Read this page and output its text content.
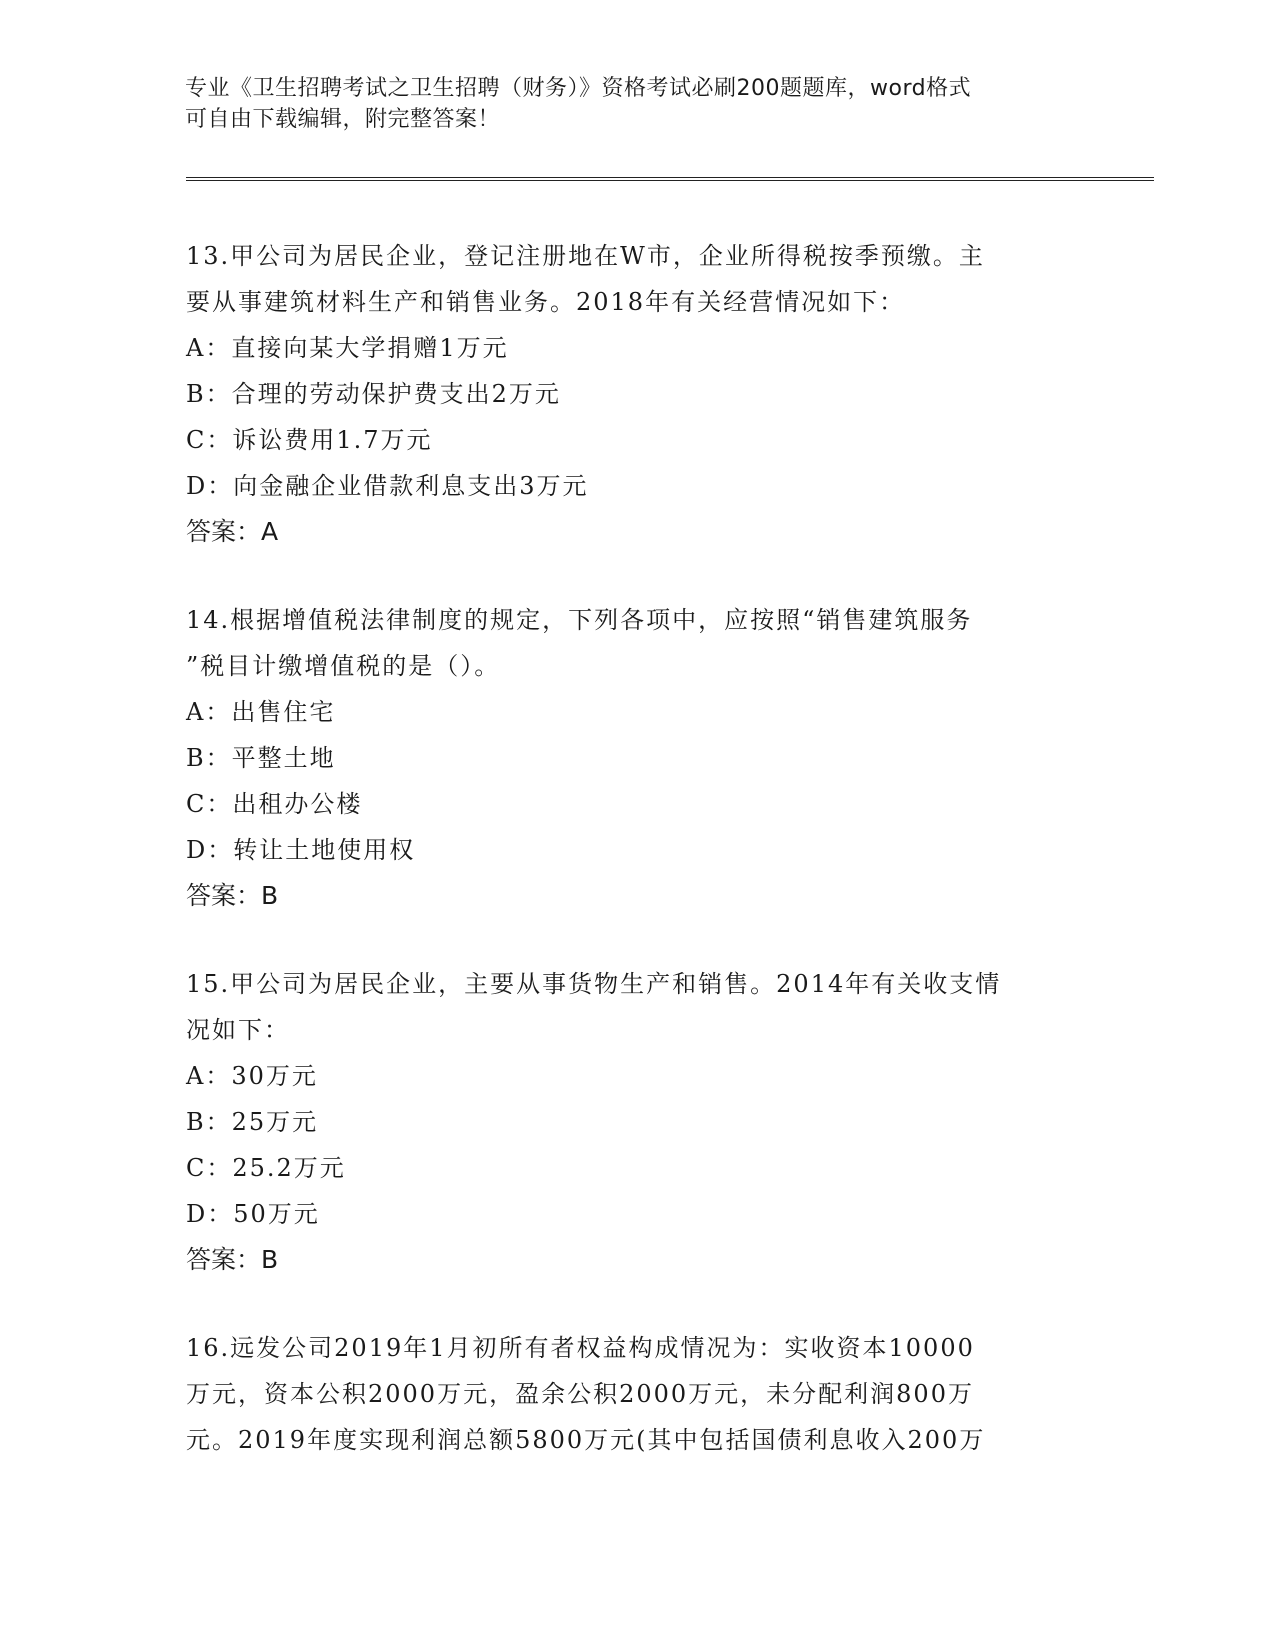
专业《卫生招聘考试之卫生招聘（财务）》资格考试必刷200题题库，word格式
可自由下载编辑，附完整答案！

13.甲公司为居民企业，登记注册地在W市，企业所得税按季预缴。主

要从事建筑材料生产和销售业务。2018年有关经营情况如下：

A：直接向某大学捐赠1万元

B：合理的劳动保护费支出2万元

C：诉讼费用1.7万元

D：向金融企业借款利息支出3万元

答案：A

14.根据增值税法律制度的规定，下列各项中，应按照“销售建筑服务

”税目计缴增值税的是（）。

A：出售住宅

B：平整土地

C：出租办公楼

D：转让土地使用权

答案：B

15.甲公司为居民企业，主要从事货物生产和销售。2014年有关收支情

况如下：

A：30万元

B：25万元

C：25.2万元

D：50万元

答案：B

16.远发公司2019年1月初所有者权益构成情况为：实收资本10000

万元，资本公积2000万元，盈余公积2000万元，未分配利润800万

元。2019年度实现利润总额5800万元(其中包括国债利息收入200万
